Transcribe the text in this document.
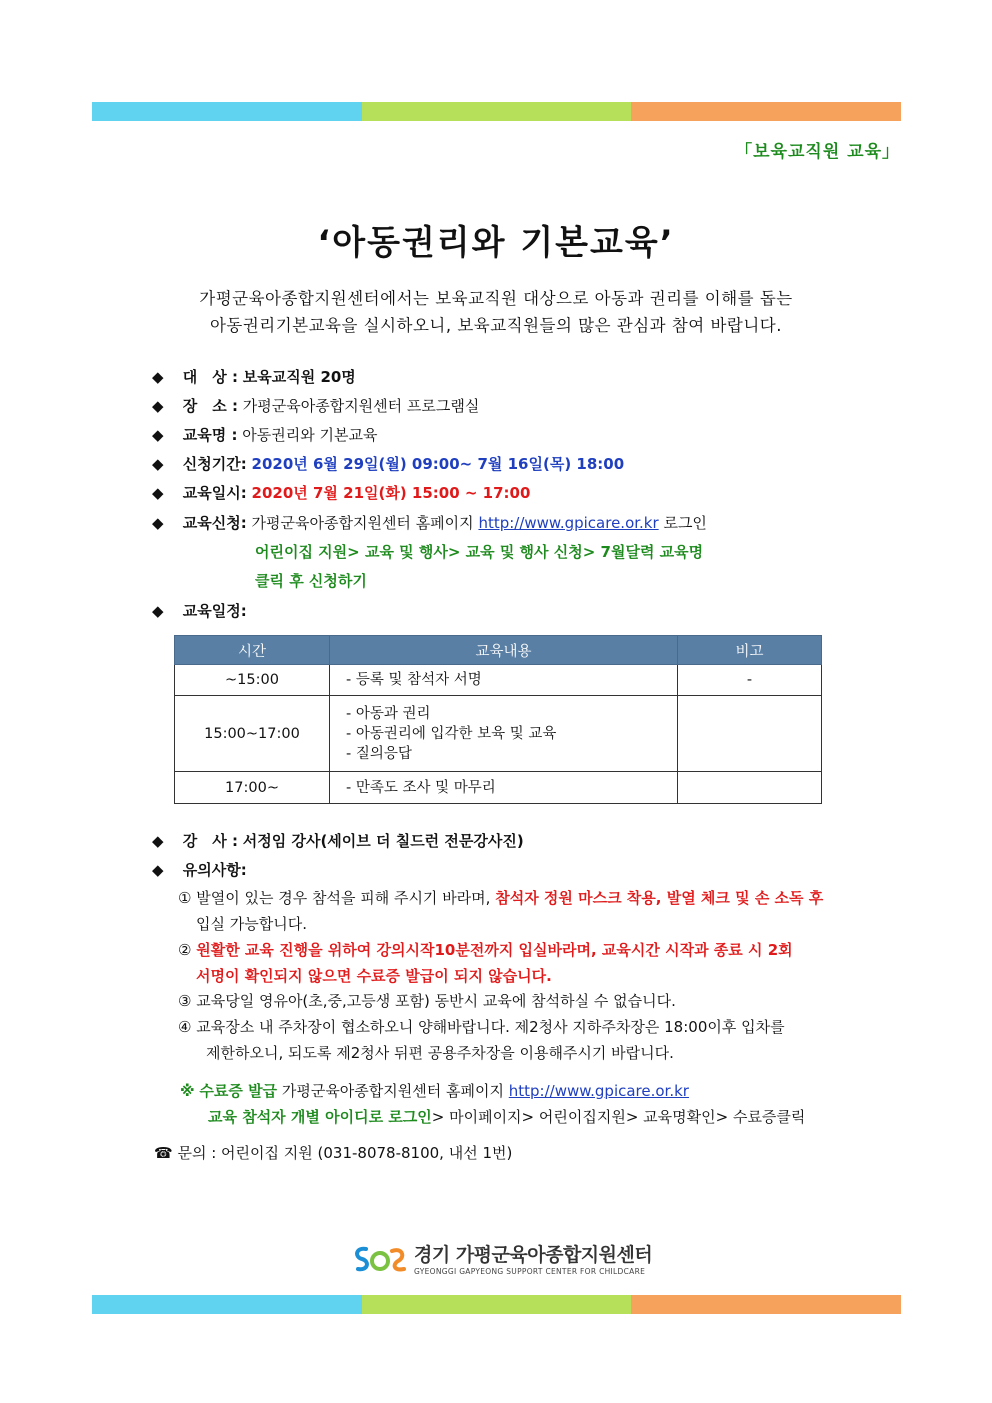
「보육교직원 교육」
‘아동권리와 기본교육’
가평군육아종합지원센터에서는 보육교직원 대상으로 아동과 권리를 이해를 돕는
아동권리기본교육을 실시하오니, 보육교직원들의 많은 관심과 참여 바랍니다.
◆ 대　상 : 보육교직원 20명
◆ 장　소 : 가평군육아종합지원센터 프로그램실
◆ 교육명 : 아동권리와 기본교육
◆ 신청기간: 2020년 6월 29일(월) 09:00~ 7월 16일(목) 18:00
◆ 교육일시: 2020년 7월 21일(화) 15:00 ~ 17:00
◆ 교육신청: 가평군육아종합지원센터 홈페이지 http://www.gpicare.or.kr 로그인
어린이집 지원> 교육 및 행사> 교육 및 행사 신청> 7월달력 교육명
클릭 후 신청하기
◆ 교육일정:
시간	교육내용	비고
~15:00	- 등록 및 참석자 서명	-
15:00~17:00	- 아동과 권리
- 아동권리에 입각한 보육 및 교육
- 질의응답	

17:00~	- 만족도 조사 및 마무리	
◆ 강　사 : 서정임 강사(세이브 더 칠드런 전문강사진)
◆ 유의사항:
① 발열이 있는 경우 참석을 피해 주시기 바라며, 참석자 정원 마스크 착용, 발열 체크 및 손 소독 후
입실 가능합니다.
② 원활한 교육 진행을 위하여 강의시작10분전까지 입실바라며, 교육시간 시작과 종료 시 2회
서명이 확인되지 않으면 수료증 발급이 되지 않습니다.
③ 교육당일 영유아(초,중,고등생 포함) 동반시 교육에 참석하실 수 없습니다.
④ 교육장소 내 주차장이 협소하오니 양해바랍니다. 제2청사 지하주차장은 18:00이후 입차를
제한하오니, 되도록 제2청사 뒤편 공용주차장을 이용해주시기 바랍니다.
※ 수료증 발급 가평군육아종합지원센터 홈페이지 http://www.gpicare.or.kr
교육 참석자 개별 아이디로 로그인> 마이페이지> 어린이집지원> 교육명확인> 수료증클릭
☎ 문의 : 어린이집 지원 (031-8078-8100, 내선 1번)
경기 가평군육아종합지원센터
GYEONGGI GAPYEONG SUPPORT CENTER FOR CHILDCARE
